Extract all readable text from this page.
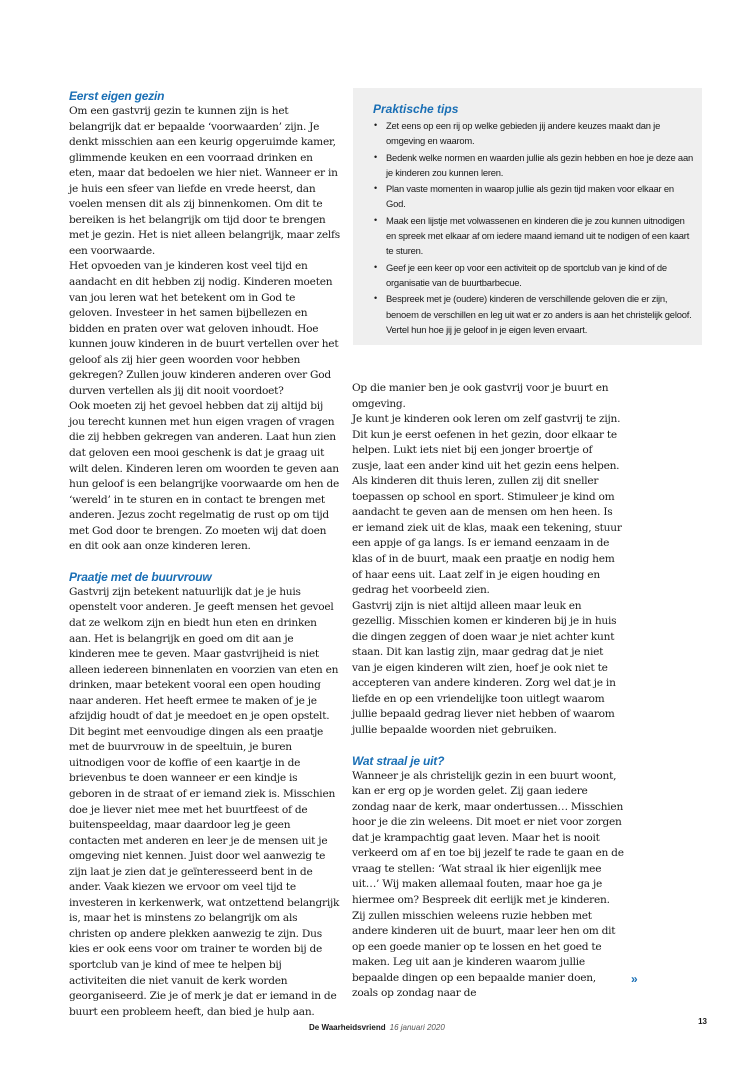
Eerst eigen gezin

Om een gastvrij gezin te kunnen zijn is het belangrijk dat er bepaalde ‘voorwaarden’ zijn. Je denkt misschien aan een keurig opgeruimde kamer, glimmende keuken en een voorraad drinken en eten, maar dat bedoelen we hier niet. Wanneer er in je huis een sfeer van liefde en vrede heerst, dan voelen mensen dit als zij binnenkomen. Om dit te bereiken is het belangrijk om tijd door te brengen met je gezin. Het is niet alleen belangrijk, maar zelfs een voorwaarde.

Het opvoeden van je kinderen kost veel tijd en aandacht en dit hebben zij nodig. Kinderen moeten van jou leren wat het betekent om in God te geloven. Investeer in het samen bijbellezen en bidden en praten over wat geloven inhoudt. Hoe kunnen jouw kinderen in de buurt vertellen over het geloof als zij hier geen woorden voor hebben gekregen? Zullen jouw kinderen anderen over God durven vertellen als jij dit nooit voordoet?

Ook moeten zij het gevoel hebben dat zij altijd bij jou terecht kunnen met hun eigen vragen of vragen die zij hebben gekregen van anderen. Laat hun zien dat geloven een mooi geschenk is dat je graag uit wilt delen. Kinderen leren om woorden te geven aan hun geloof is een belangrijke voorwaarde om hen de ‘wereld’ in te sturen en in contact te brengen met anderen. Jezus zocht regelmatig de rust op om tijd met God door te brengen. Zo moeten wij dat doen en dit ook aan onze kinderen leren.

Praatje met de buurvrouw

Gastvrij zijn betekent natuurlijk dat je je huis openstelt voor anderen. Je geeft mensen het gevoel dat ze welkom zijn en biedt hun eten en drinken aan. Het is belangrijk en goed om dit aan je kinderen mee te geven. Maar gastvrijheid is niet alleen iedereen binnenlaten en voorzien van eten en drinken, maar betekent vooral een open houding naar anderen. Het heeft ermee te maken of je je afzijdig houdt of dat je meedoet en je open opstelt. Dit begint met eenvoudige dingen als een praatje met de buurvrouw in de speeltuin, je buren uitnodigen voor de koffie of een kaartje in de brievenbus te doen wanneer er een kindje is geboren in de straat of er iemand ziek is. Misschien doe je liever niet mee met het buurtfeest of de buitenspeeldag, maar daardoor leg je geen contacten met anderen en leer je de mensen uit je omgeving niet kennen. Juist door wel aanwezig te zijn laat je zien dat je geïnteresseerd bent in de ander. Vaak kiezen we ervoor om veel tijd te investeren in kerkenwerk, wat ontzettend belangrijk is, maar het is minstens zo belangrijk om als christen op andere plekken aanwezig te zijn. Dus kies er ook eens voor om trainer te worden bij de sportclub van je kind of mee te helpen bij activiteiten die niet vanuit de kerk worden georganiseerd. Zie je of merk je dat er iemand in de buurt een probleem heeft, dan bied je hulp aan.

Praktische tips
• Zet eens op een rij op welke gebieden jij andere keuzes maakt dan je omgeving en waarom.
• Bedenk welke normen en waarden jullie als gezin hebben en hoe je deze aan je kinderen zou kunnen leren.
• Plan vaste momenten in waarop jullie als gezin tijd maken voor elkaar en God.
• Maak een lijstje met volwassenen en kinderen die je zou kunnen uitnodigen en spreek met elkaar af om iedere maand iemand uit te nodigen of een kaart te sturen.
• Geef je een keer op voor een activiteit op de sportclub van je kind of de organisatie van de buurtbarbecue.
• Bespreek met je (oudere) kinderen de verschillende geloven die er zijn, benoem de verschillen en leg uit wat er zo anders is aan het christelijk geloof. Vertel hun hoe jij je geloof in je eigen leven ervaart.

Op die manier ben je ook gastvrij voor je buurt en omgeving.

Je kunt je kinderen ook leren om zelf gastvrij te zijn. Dit kun je eerst oefenen in het gezin, door elkaar te helpen. Lukt iets niet bij een jonger broertje of zusje, laat een ander kind uit het gezin eens helpen. Als kinderen dit thuis leren, zullen zij dit sneller toepassen op school en sport. Stimuleer je kind om aandacht te geven aan de mensen om hen heen. Is er iemand ziek uit de klas, maak een tekening, stuur een appje of ga langs. Is er iemand eenzaam in de klas of in de buurt, maak een praatje en nodig hem of haar eens uit. Laat zelf in je eigen houding en gedrag het voorbeeld zien.

Gastvrij zijn is niet altijd alleen maar leuk en gezellig. Misschien komen er kinderen bij je in huis die dingen zeggen of doen waar je niet achter kunt staan. Dit kan lastig zijn, maar gedrag dat je niet van je eigen kinderen wilt zien, hoef je ook niet te accepteren van andere kinderen. Zorg wel dat je in liefde en op een vriendelijke toon uitlegt waarom jullie bepaald gedrag liever niet hebben of waarom jullie bepaalde woorden niet gebruiken.

Wat straal je uit?

Wanneer je als christelijk gezin in een buurt woont, kan er erg op je worden gelet. Zij gaan iedere zondag naar de kerk, maar ondertussen… Misschien hoor je die zin weleens. Dit moet er niet voor zorgen dat je krampachtig gaat leven. Maar het is nooit verkeerd om af en toe bij jezelf te rade te gaan en de vraag te stellen: ‘Wat straal ik hier eigenlijk mee uit…’ Wij maken allemaal fouten, maar hoe ga je hiermee om? Bespreek dit eerlijk met je kinderen. Zij zullen misschien weleens ruzie hebben met andere kinderen uit de buurt, maar leer hen om dit op een goede manier op te lossen en het goed te maken. Leg uit aan je kinderen waarom jullie bepaalde dingen op een bepaalde manier doen, zoals op zondag naar de

»
De Waarheidsvriend 16 januari 2020
13
